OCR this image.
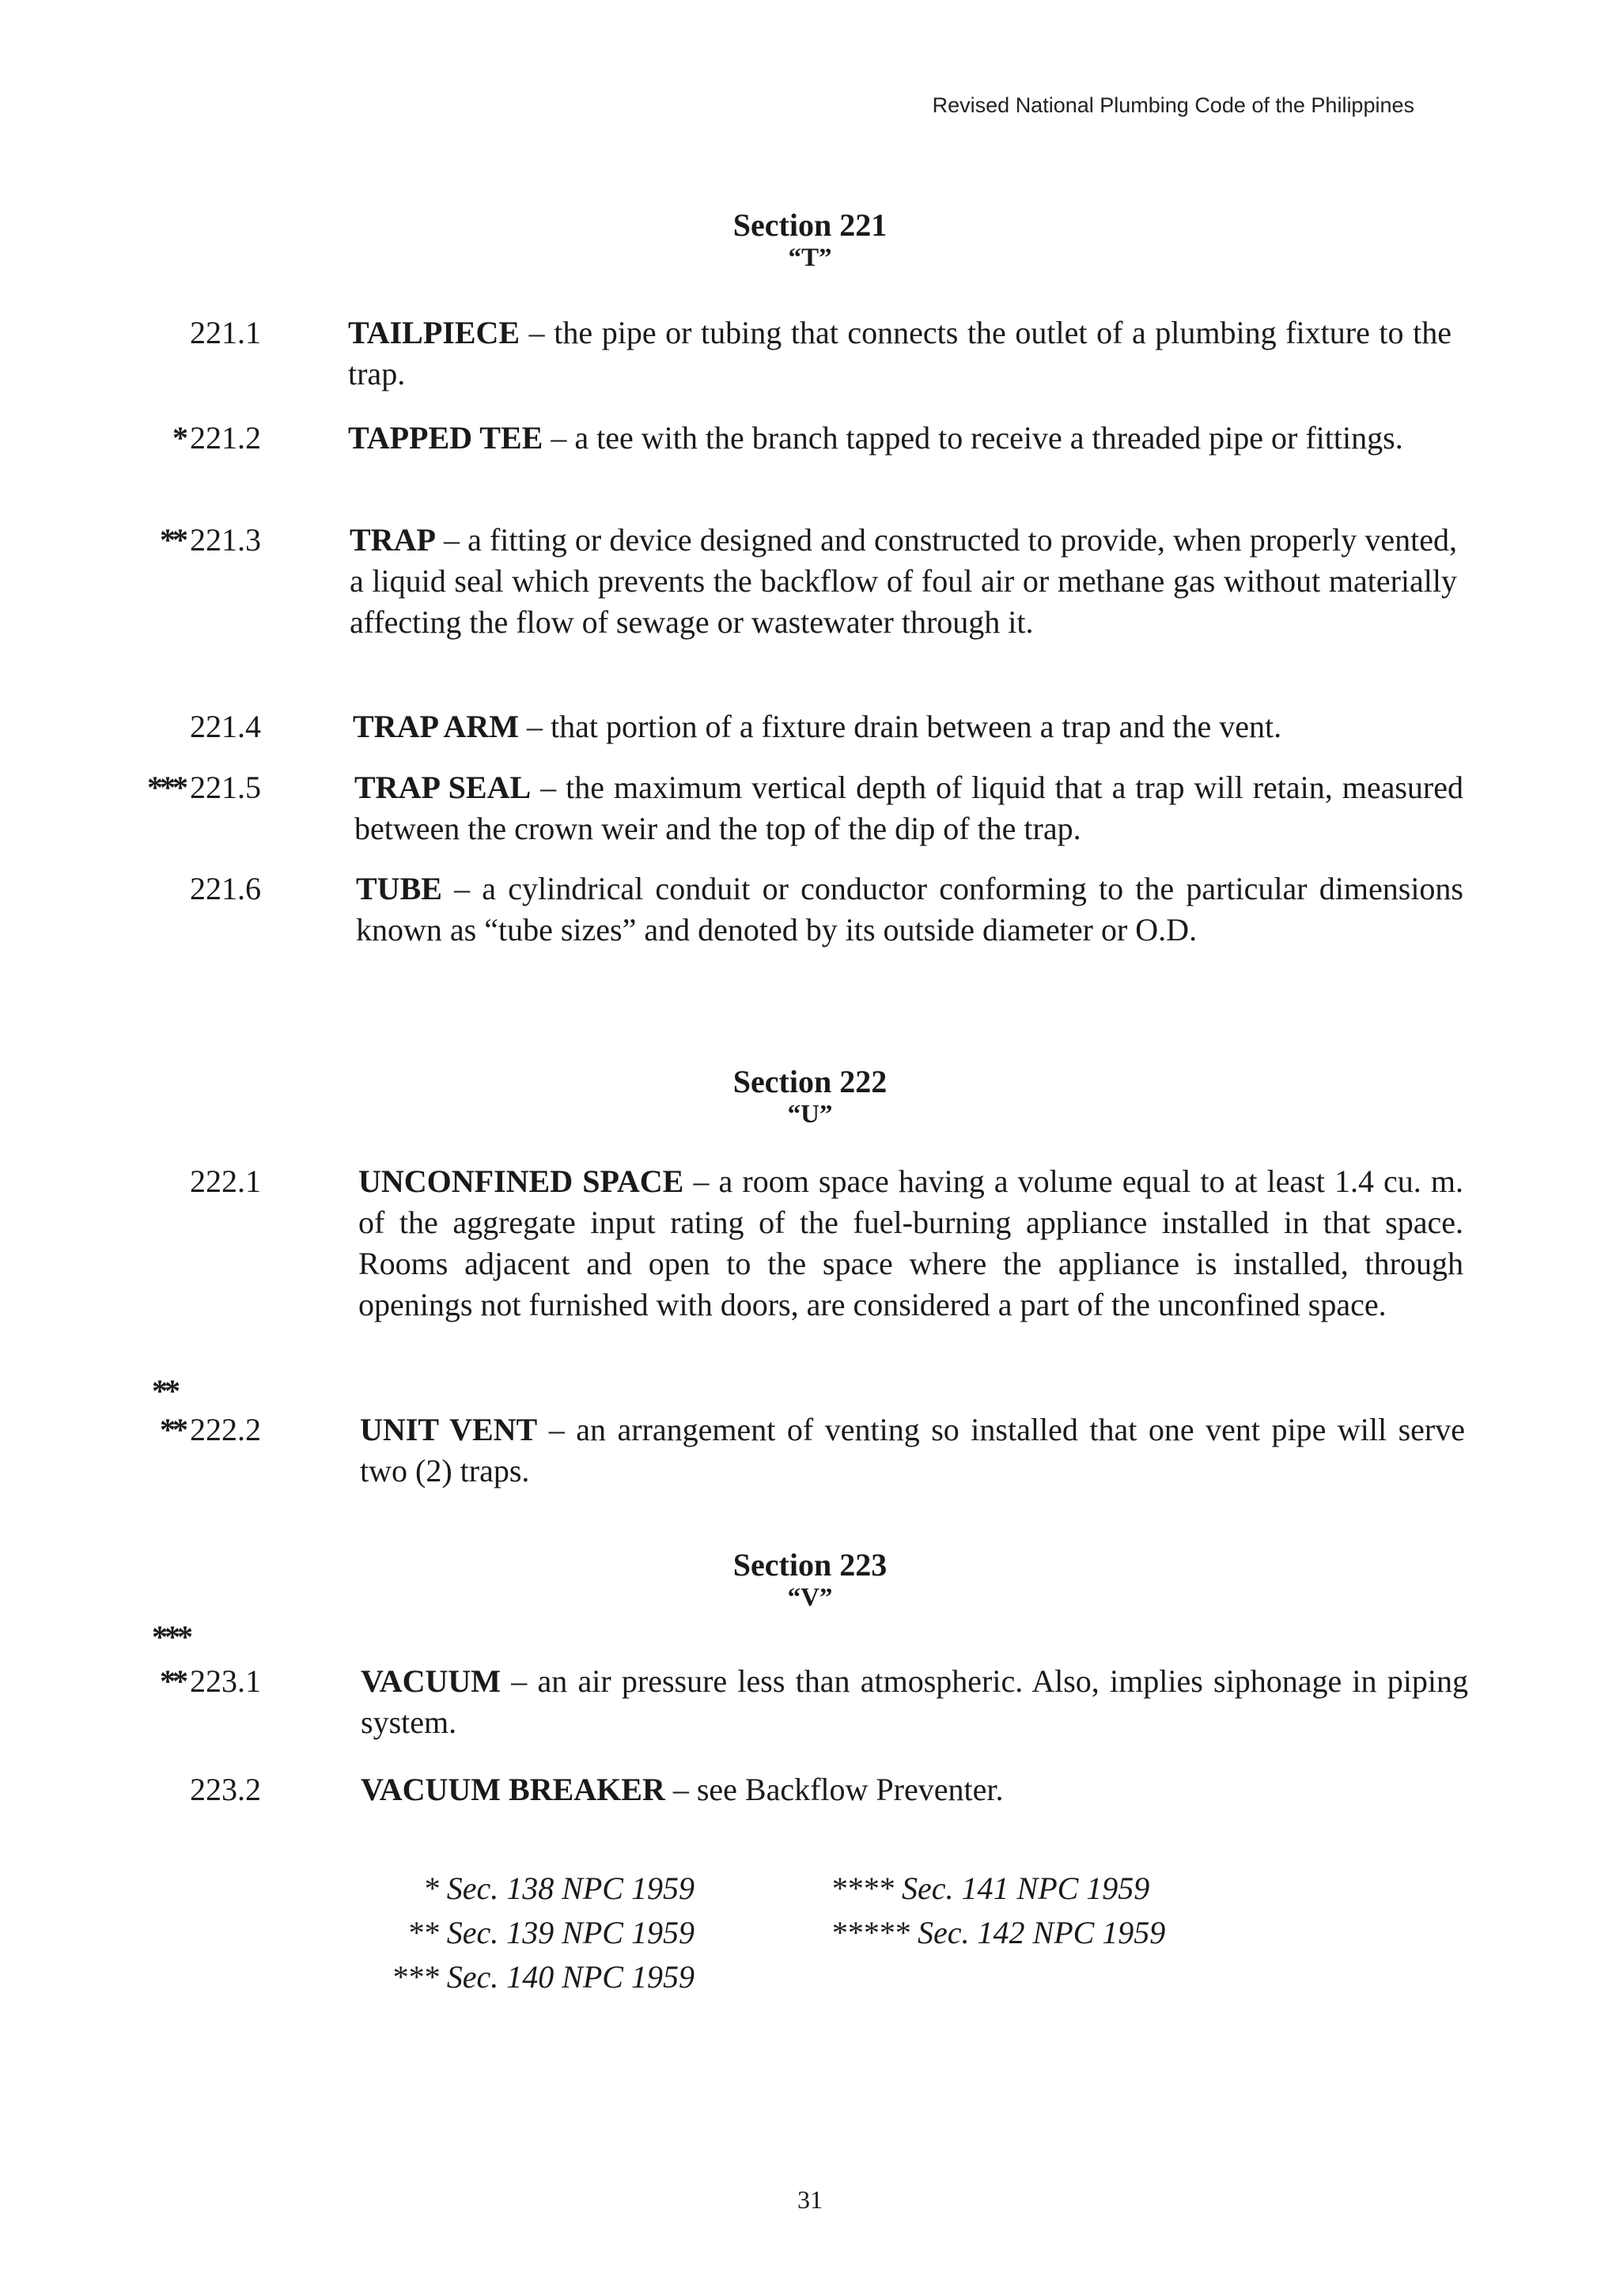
Revised National Plumbing Code of the Philippines
Section 221
“T”
221.1	TAILPIECE – the pipe or tubing that connects the outlet of a plumbing fixture to the trap.
* 221.2	TAPPED TEE – a tee with the branch tapped to receive a threaded pipe or fittings.
** 221.3	TRAP – a fitting or device designed and constructed to provide, when properly vented, a liquid seal which prevents the backflow of foul air or methane gas without materially affecting the flow of sewage or wastewater through it.
221.4	TRAP ARM – that portion of a fixture drain between a trap and the vent.
*** 221.5	TRAP SEAL – the maximum vertical depth of liquid that a trap will retain, measured between the crown weir and the top of the dip of the trap.
221.6	TUBE – a cylindrical conduit or conductor conforming to the particular dimensions known as “tube sizes” and denoted by its outside diameter or O.D.
Section 222
“U”
222.1	UNCONFINED SPACE – a room space having a volume equal to at least 1.4 cu. m. of the aggregate input rating of the fuel-burning appliance installed in that space. Rooms adjacent and open to the space where the appliance is installed, through openings not furnished with doors, are considered a part of the unconfined space.
**
** 222.2	UNIT VENT – an arrangement of venting so installed that one vent pipe will serve two (2) traps.
Section 223
“V”
***
** 223.1	VACUUM – an air pressure less than atmospheric. Also, implies siphonage in piping system.
223.2	VACUUM BREAKER – see Backflow Preventer.
* Sec. 138 NPC 1959
** Sec. 139 NPC 1959
*** Sec. 140 NPC 1959
**** Sec. 141 NPC 1959
***** Sec. 142 NPC 1959
31
